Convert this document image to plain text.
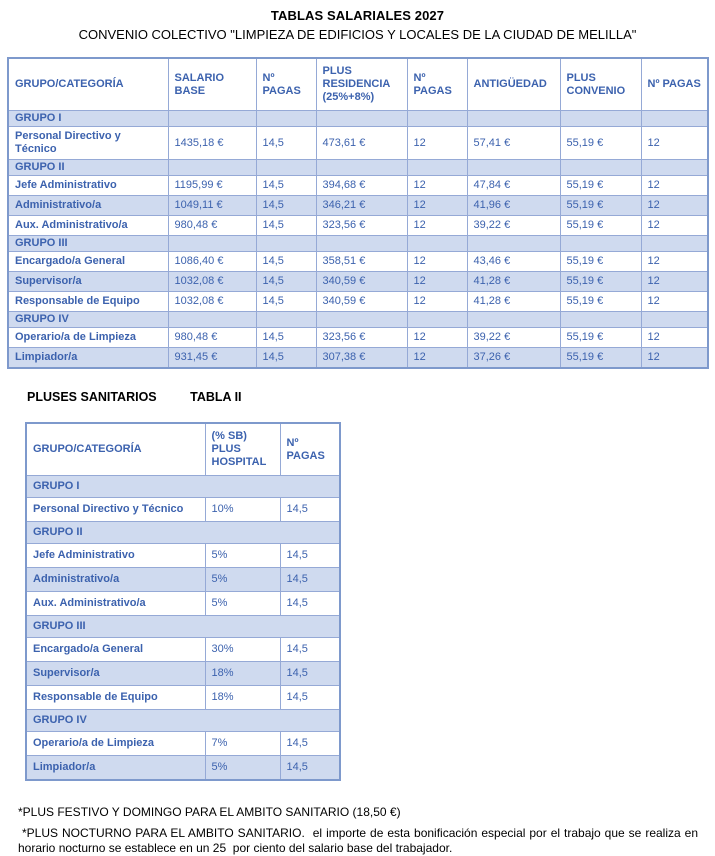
TABLAS SALARIALES 2027
CONVENIO COLECTIVO "LIMPIEZA DE EDIFICIOS Y LOCALES DE LA CIUDAD DE MELILLA"
GRUPO/CATEGORÍA	SALARIO BASE	Nº PAGAS	PLUS RESIDENCIA (25%+8%)	Nº PAGAS	ANTIGÜEDAD	PLUS CONVENIO	Nº PAGAS
GRUPO I							
Personal Directivo y Técnico	1435,18 €	14,5	473,61 €	12	57,41 €	55,19 €	12
GRUPO II							
Jefe Administrativo	1195,99 €	14,5	394,68 €	12	47,84 €	55,19 €	12
Administrativo/a	1049,11 €	14,5	346,21 €	12	41,96 €	55,19 €	12
Aux. Administrativo/a	980,48 €	14,5	323,56 €	12	39,22 €	55,19 €	12
GRUPO III							
Encargado/a General	1086,40 €	14,5	358,51 €	12	43,46 €	55,19 €	12
Supervisor/a	1032,08 €	14,5	340,59 €	12	41,28 €	55,19 €	12
Responsable de Equipo	1032,08 €	14,5	340,59 €	12	41,28 €	55,19 €	12
GRUPO IV							
Operario/a de Limpieza	980,48 €	14,5	323,56 €	12	39,22 €	55,19 €	12
Limpiador/a	931,45 €	14,5	307,38 €	12	37,26 €	55,19 €	12
PLUSES SANITARIOS	TABLA II
GRUPO/CATEGORÍA	(% SB) PLUS HOSPITAL	Nº PAGAS
GRUPO I		
Personal Directivo y Técnico	10%	14,5
GRUPO II		
Jefe Administrativo	5%	14,5
Administrativo/a	5%	14,5
Aux. Administrativo/a	5%	14,5
GRUPO III		
Encargado/a General	30%	14,5
Supervisor/a	18%	14,5
Responsable de Equipo	18%	14,5
GRUPO IV		
Operario/a de Limpieza	7%	14,5
Limpiador/a	5%	14,5
*PLUS FESTIVO Y DOMINGO PARA EL AMBITO SANITARIO (18,50 €)

*PLUS NOCTURNO PARA EL AMBITO SANITARIO.  el importe de esta bonificación especial por el trabajo que se realiza en horario nocturno se establece en un 25  por ciento del salario base del trabajador.
